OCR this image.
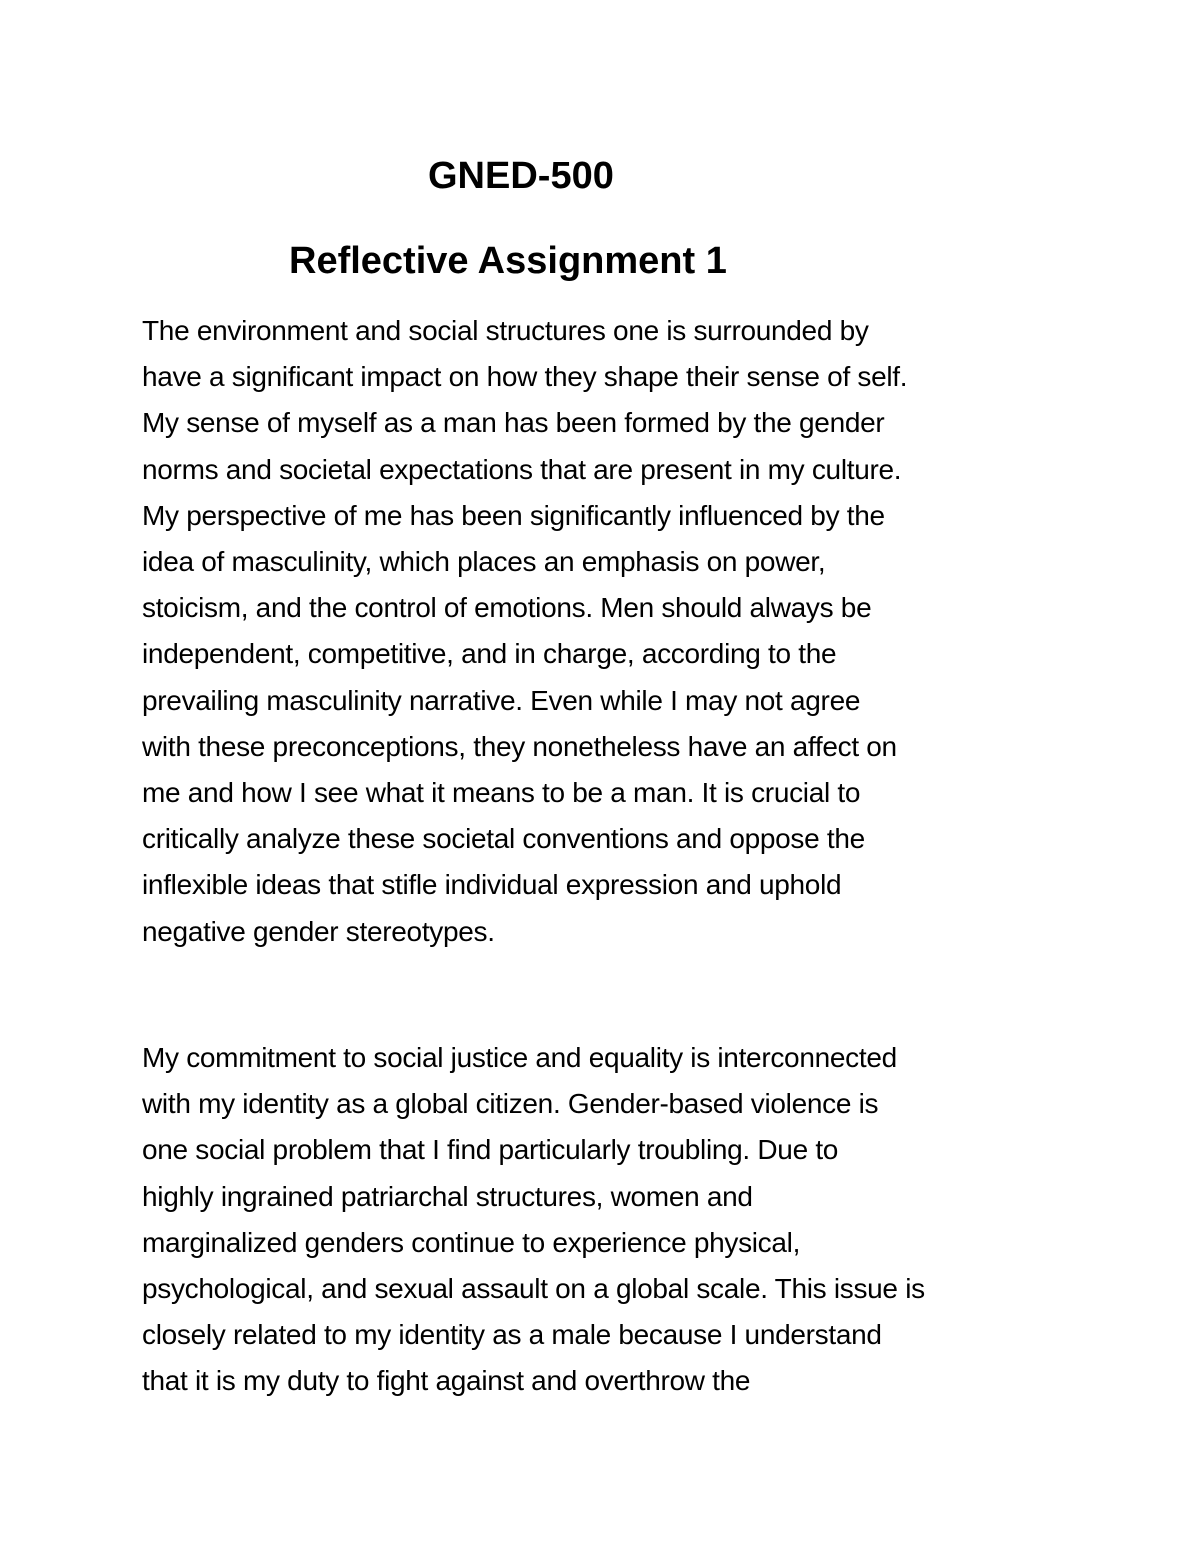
GNED-500
Reflective Assignment 1
The environment and social structures one is surrounded by
have a significant impact on how they shape their sense of self.
My sense of myself as a man has been formed by the gender
norms and societal expectations that are present in my culture.
My perspective of me has been significantly influenced by the
idea of masculinity, which places an emphasis on power,
stoicism, and the control of emotions. Men should always be
independent, competitive, and in charge, according to the
prevailing masculinity narrative. Even while I may not agree
with these preconceptions, they nonetheless have an affect on
me and how I see what it means to be a man. It is crucial to
critically analyze these societal conventions and oppose the
inflexible ideas that stifle individual expression and uphold
negative gender stereotypes.
My commitment to social justice and equality is interconnected
with my identity as a global citizen. Gender-based violence is
one social problem that I find particularly troubling. Due to
highly ingrained patriarchal structures, women and
marginalized genders continue to experience physical,
psychological, and sexual assault on a global scale. This issue is
closely related to my identity as a male because I understand
that it is my duty to fight against and overthrow the
